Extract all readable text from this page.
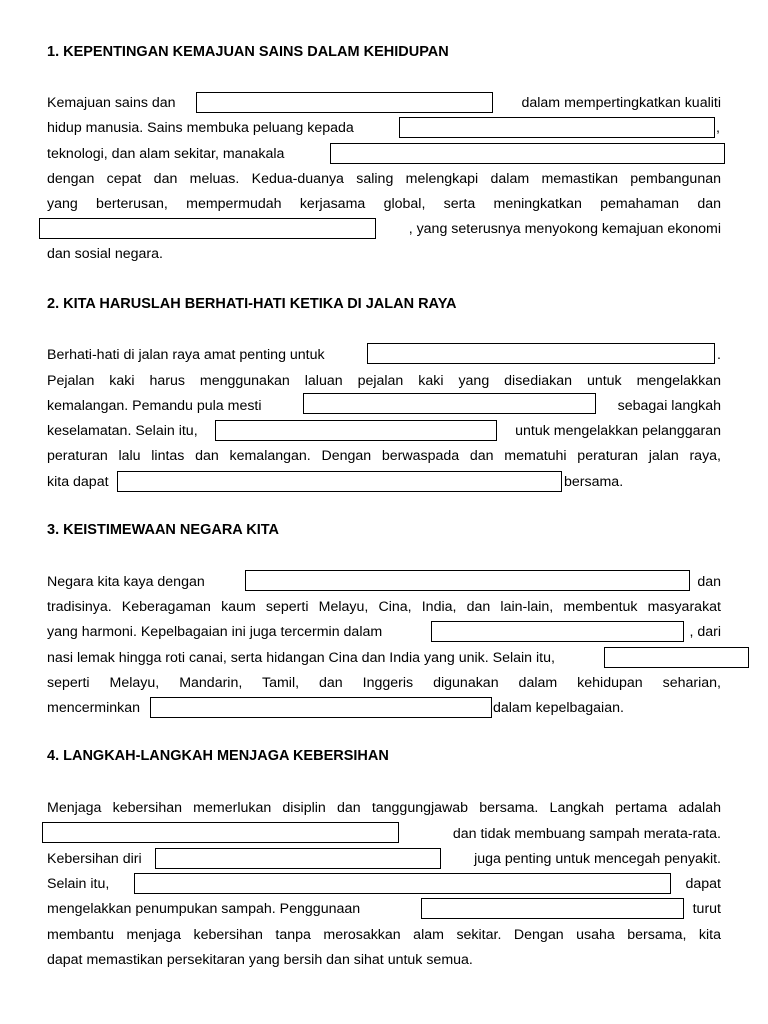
1. KEPENTINGAN KEMAJUAN SAINS DALAM KEHIDUPAN
Kemajuan sains dan	dalam mempertingkatkan kualiti
hidup manusia. Sains membuka peluang kepada	,
teknologi, dan alam sekitar, manakala
dengan cepat dan meluas. Kedua-duanya saling melengkapi dalam memastikan pembangunan
yang berterusan, mempermudah kerjasama global, serta meningkatkan pemahaman dan
, yang seterusnya menyokong kemajuan ekonomi
dan sosial negara.
2. KITA HARUSLAH BERHATI-HATI KETIKA DI JALAN RAYA
Berhati-hati di jalan raya amat penting untuk	.
Pejalan kaki harus menggunakan laluan pejalan kaki yang disediakan untuk mengelakkan
kemalangan. Pemandu pula mesti	sebagai langkah
keselamatan. Selain itu,	untuk mengelakkan pelanggaran
peraturan lalu lintas dan kemalangan. Dengan berwaspada dan mematuhi peraturan jalan raya,
kita dapat	bersama.
3. KEISTIMEWAAN NEGARA KITA
Negara kita kaya dengan	dan
tradisinya. Keberagaman kaum seperti Melayu, Cina, India, dan lain-lain, membentuk masyarakat
yang harmoni. Kepelbagaian ini juga tercermin dalam	, dari
nasi lemak hingga roti canai, serta hidangan Cina dan India yang unik. Selain itu,
seperti Melayu, Mandarin, Tamil, dan Inggeris digunakan dalam kehidupan seharian,
mencerminkan	dalam kepelbagaian.
4. LANGKAH-LANGKAH MENJAGA KEBERSIHAN
Menjaga kebersihan memerlukan disiplin dan tanggungjawab bersama. Langkah pertama adalah
dan tidak membuang sampah merata-rata.
Kebersihan diri	juga penting untuk mencegah penyakit.
Selain itu,	dapat
mengelakkan penumpukan sampah. Penggunaan	turut
membantu menjaga kebersihan tanpa merosakkan alam sekitar. Dengan usaha bersama, kita
dapat memastikan persekitaran yang bersih dan sihat untuk semua.
